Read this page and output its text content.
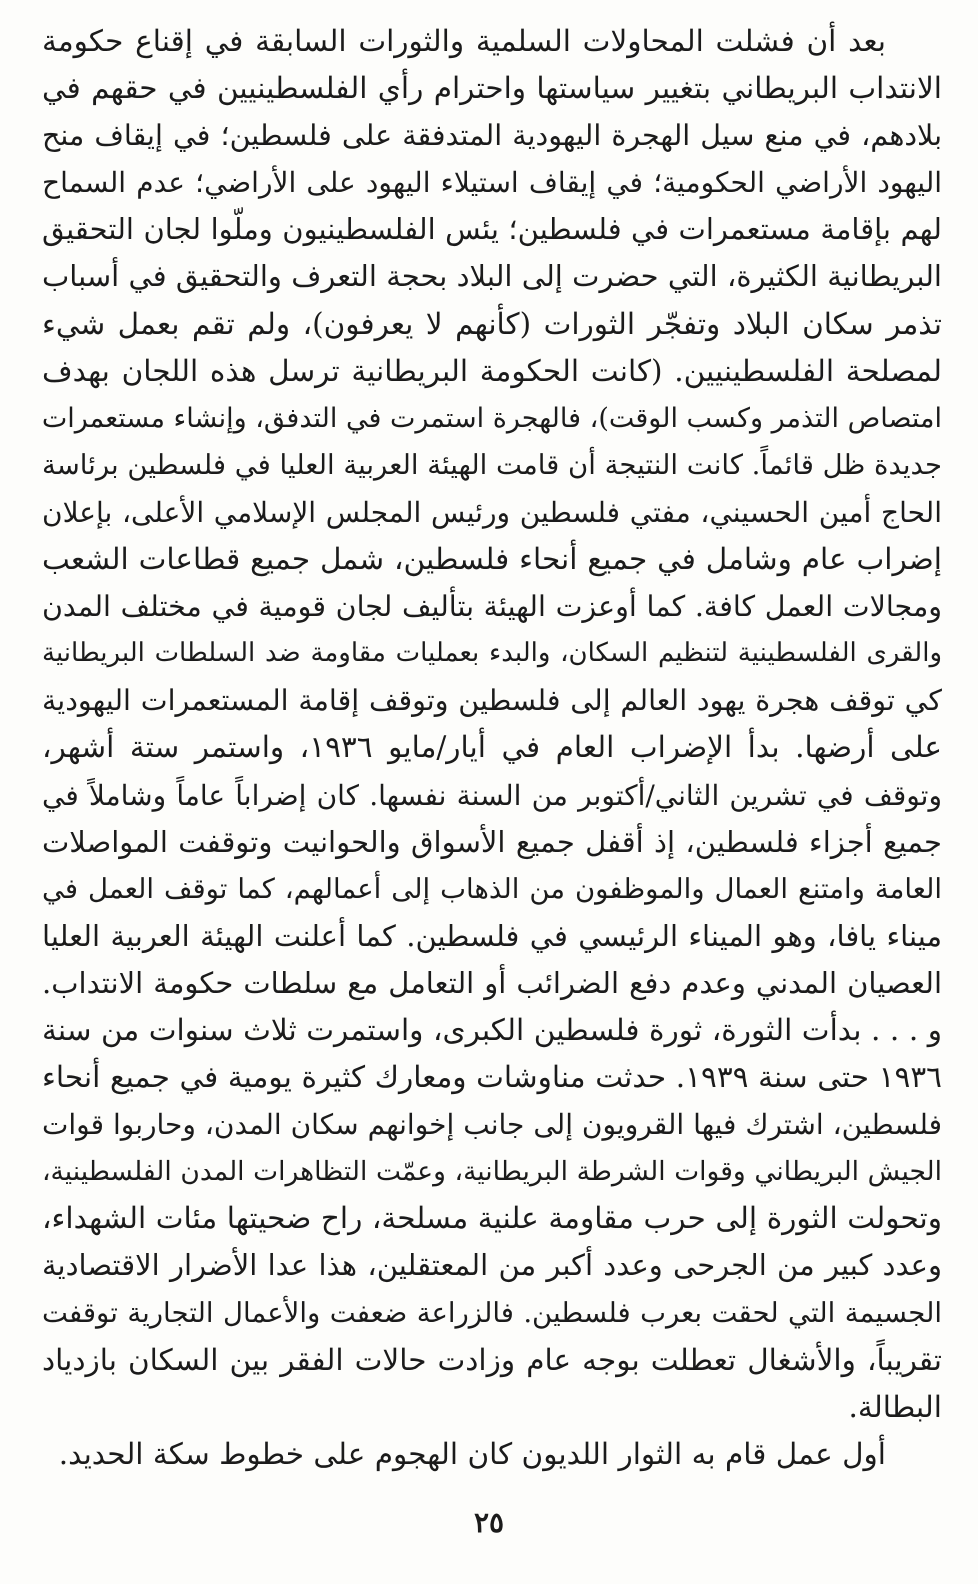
بعد أن فشلت المحاولات السلمية والثورات السابقة في إقناع حكومة
الانتداب البريطاني بتغيير سياستها واحترام رأي الفلسطينيين في حقهم في
بلادهم، في منع سيل الهجرة اليهودية المتدفقة على فلسطين؛ في إيقاف منح
اليهود الأراضي الحكومية؛ في إيقاف استيلاء اليهود على الأراضي؛ عدم السماح
لهم بإقامة مستعمرات في فلسطين؛ يئس الفلسطينيون وملّوا لجان التحقيق
البريطانية الكثيرة، التي حضرت إلى البلاد بحجة التعرف والتحقيق في أسباب
تذمر سكان البلاد وتفجّر الثورات (كأنهم لا يعرفون)، ولم تقم بعمل شيء
لمصلحة الفلسطينيين. (كانت الحكومة البريطانية ترسل هذه اللجان بهدف
امتصاص التذمر وكسب الوقت)، فالهجرة استمرت في التدفق، وإنشاء مستعمرات
جديدة ظل قائماً. كانت النتيجة أن قامت الهيئة العربية العليا في فلسطين برئاسة
الحاج أمين الحسيني، مفتي فلسطين ورئيس المجلس الإسلامي الأعلى، بإعلان
إضراب عام وشامل في جميع أنحاء فلسطين، شمل جميع قطاعات الشعب
ومجالات العمل كافة. كما أوعزت الهيئة بتأليف لجان قومية في مختلف المدن
والقرى الفلسطينية لتنظيم السكان، والبدء بعمليات مقاومة ضد السلطات البريطانية
كي توقف هجرة يهود العالم إلى فلسطين وتوقف إقامة المستعمرات اليهودية
على أرضها. بدأ الإضراب العام في أيار/مايو ١٩٣٦، واستمر ستة أشهر،
وتوقف في تشرين الثاني/أكتوبر من السنة نفسها. كان إضراباً عاماً وشاملاً في
جميع أجزاء فلسطين، إذ أقفل جميع الأسواق والحوانيت وتوقفت المواصلات
العامة وامتنع العمال والموظفون من الذهاب إلى أعمالهم، كما توقف العمل في
ميناء يافا، وهو الميناء الرئيسي في فلسطين. كما أعلنت الهيئة العربية العليا
العصيان المدني وعدم دفع الضرائب أو التعامل مع سلطات حكومة الانتداب.
و . . . بدأت الثورة، ثورة فلسطين الكبرى، واستمرت ثلاث سنوات من سنة
١٩٣٦ حتى سنة ١٩٣٩. حدثت مناوشات ومعارك كثيرة يومية في جميع أنحاء
فلسطين، اشترك فيها القرويون إلى جانب إخوانهم سكان المدن، وحاربوا قوات
الجيش البريطاني وقوات الشرطة البريطانية، وعمّت التظاهرات المدن الفلسطينية،
وتحولت الثورة إلى حرب مقاومة علنية مسلحة، راح ضحيتها مئات الشهداء،
وعدد كبير من الجرحى وعدد أكبر من المعتقلين، هذا عدا الأضرار الاقتصادية
الجسيمة التي لحقت بعرب فلسطين. فالزراعة ضعفت والأعمال التجارية توقفت
تقريباً، والأشغال تعطلت بوجه عام وزادت حالات الفقر بين السكان بازدياد
البطالة.
أول عمل قام به الثوار اللديون كان الهجوم على خطوط سكة الحديد.
٢٥
